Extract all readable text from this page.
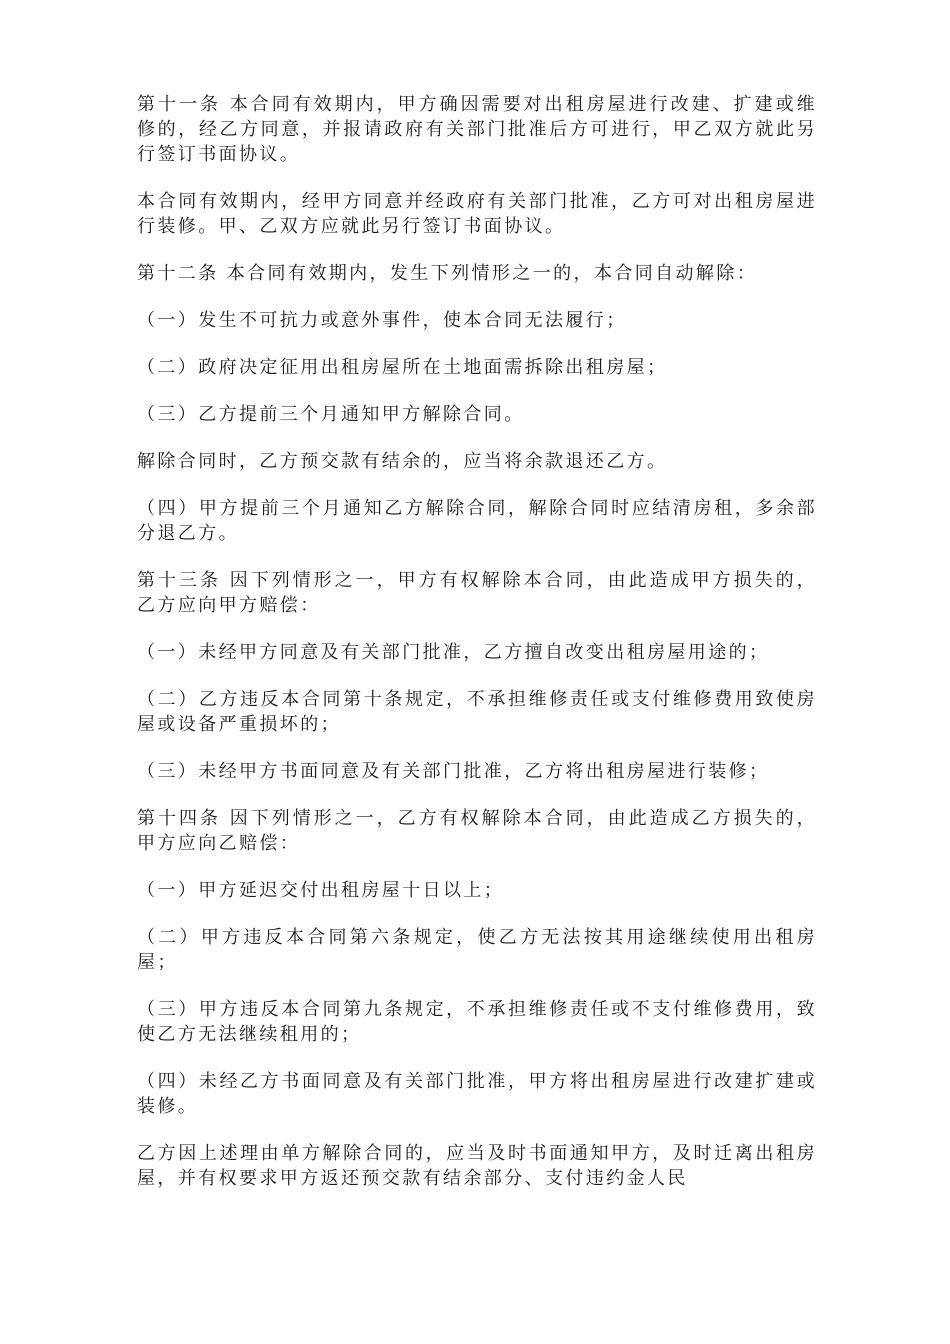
第十一条 本合同有效期内，甲方确因需要对出租房屋进行改建、扩建或维修的，经乙方同意，并报请政府有关部门批准后方可进行，甲乙双方就此另行签订书面协议。

本合同有效期内，经甲方同意并经政府有关部门批准，乙方可对出租房屋进行装修。甲、乙双方应就此另行签订书面协议。

第十二条 本合同有效期内，发生下列情形之一的，本合同自动解除：

（一）发生不可抗力或意外事件，使本合同无法履行；

（二）政府决定征用出租房屋所在土地面需拆除出租房屋；

（三）乙方提前三个月通知甲方解除合同。

解除合同时，乙方预交款有结余的，应当将余款退还乙方。

（四）甲方提前三个月通知乙方解除合同，解除合同时应结清房租，多余部分退乙方。

第十三条 因下列情形之一，甲方有权解除本合同，由此造成甲方损失的，乙方应向甲方赔偿：

（一）未经甲方同意及有关部门批准，乙方擅自改变出租房屋用途的；

（二）乙方违反本合同第十条规定，不承担维修责任或支付维修费用致使房屋或设备严重损坏的；

（三）未经甲方书面同意及有关部门批准，乙方将出租房屋进行装修；

第十四条 因下列情形之一，乙方有权解除本合同，由此造成乙方损失的，甲方应向乙赔偿：

（一）甲方延迟交付出租房屋十日以上；

（二）甲方违反本合同第六条规定，使乙方无法按其用途继续使用出租房屋；

（三）甲方违反本合同第九条规定，不承担维修责任或不支付维修费用，致使乙方无法继续租用的；

（四）未经乙方书面同意及有关部门批准，甲方将出租房屋进行改建扩建或装修。

乙方因上述理由单方解除合同的，应当及时书面通知甲方，及时迁离出租房屋，并有权要求甲方返还预交款有结余部分、支付违约金人民
